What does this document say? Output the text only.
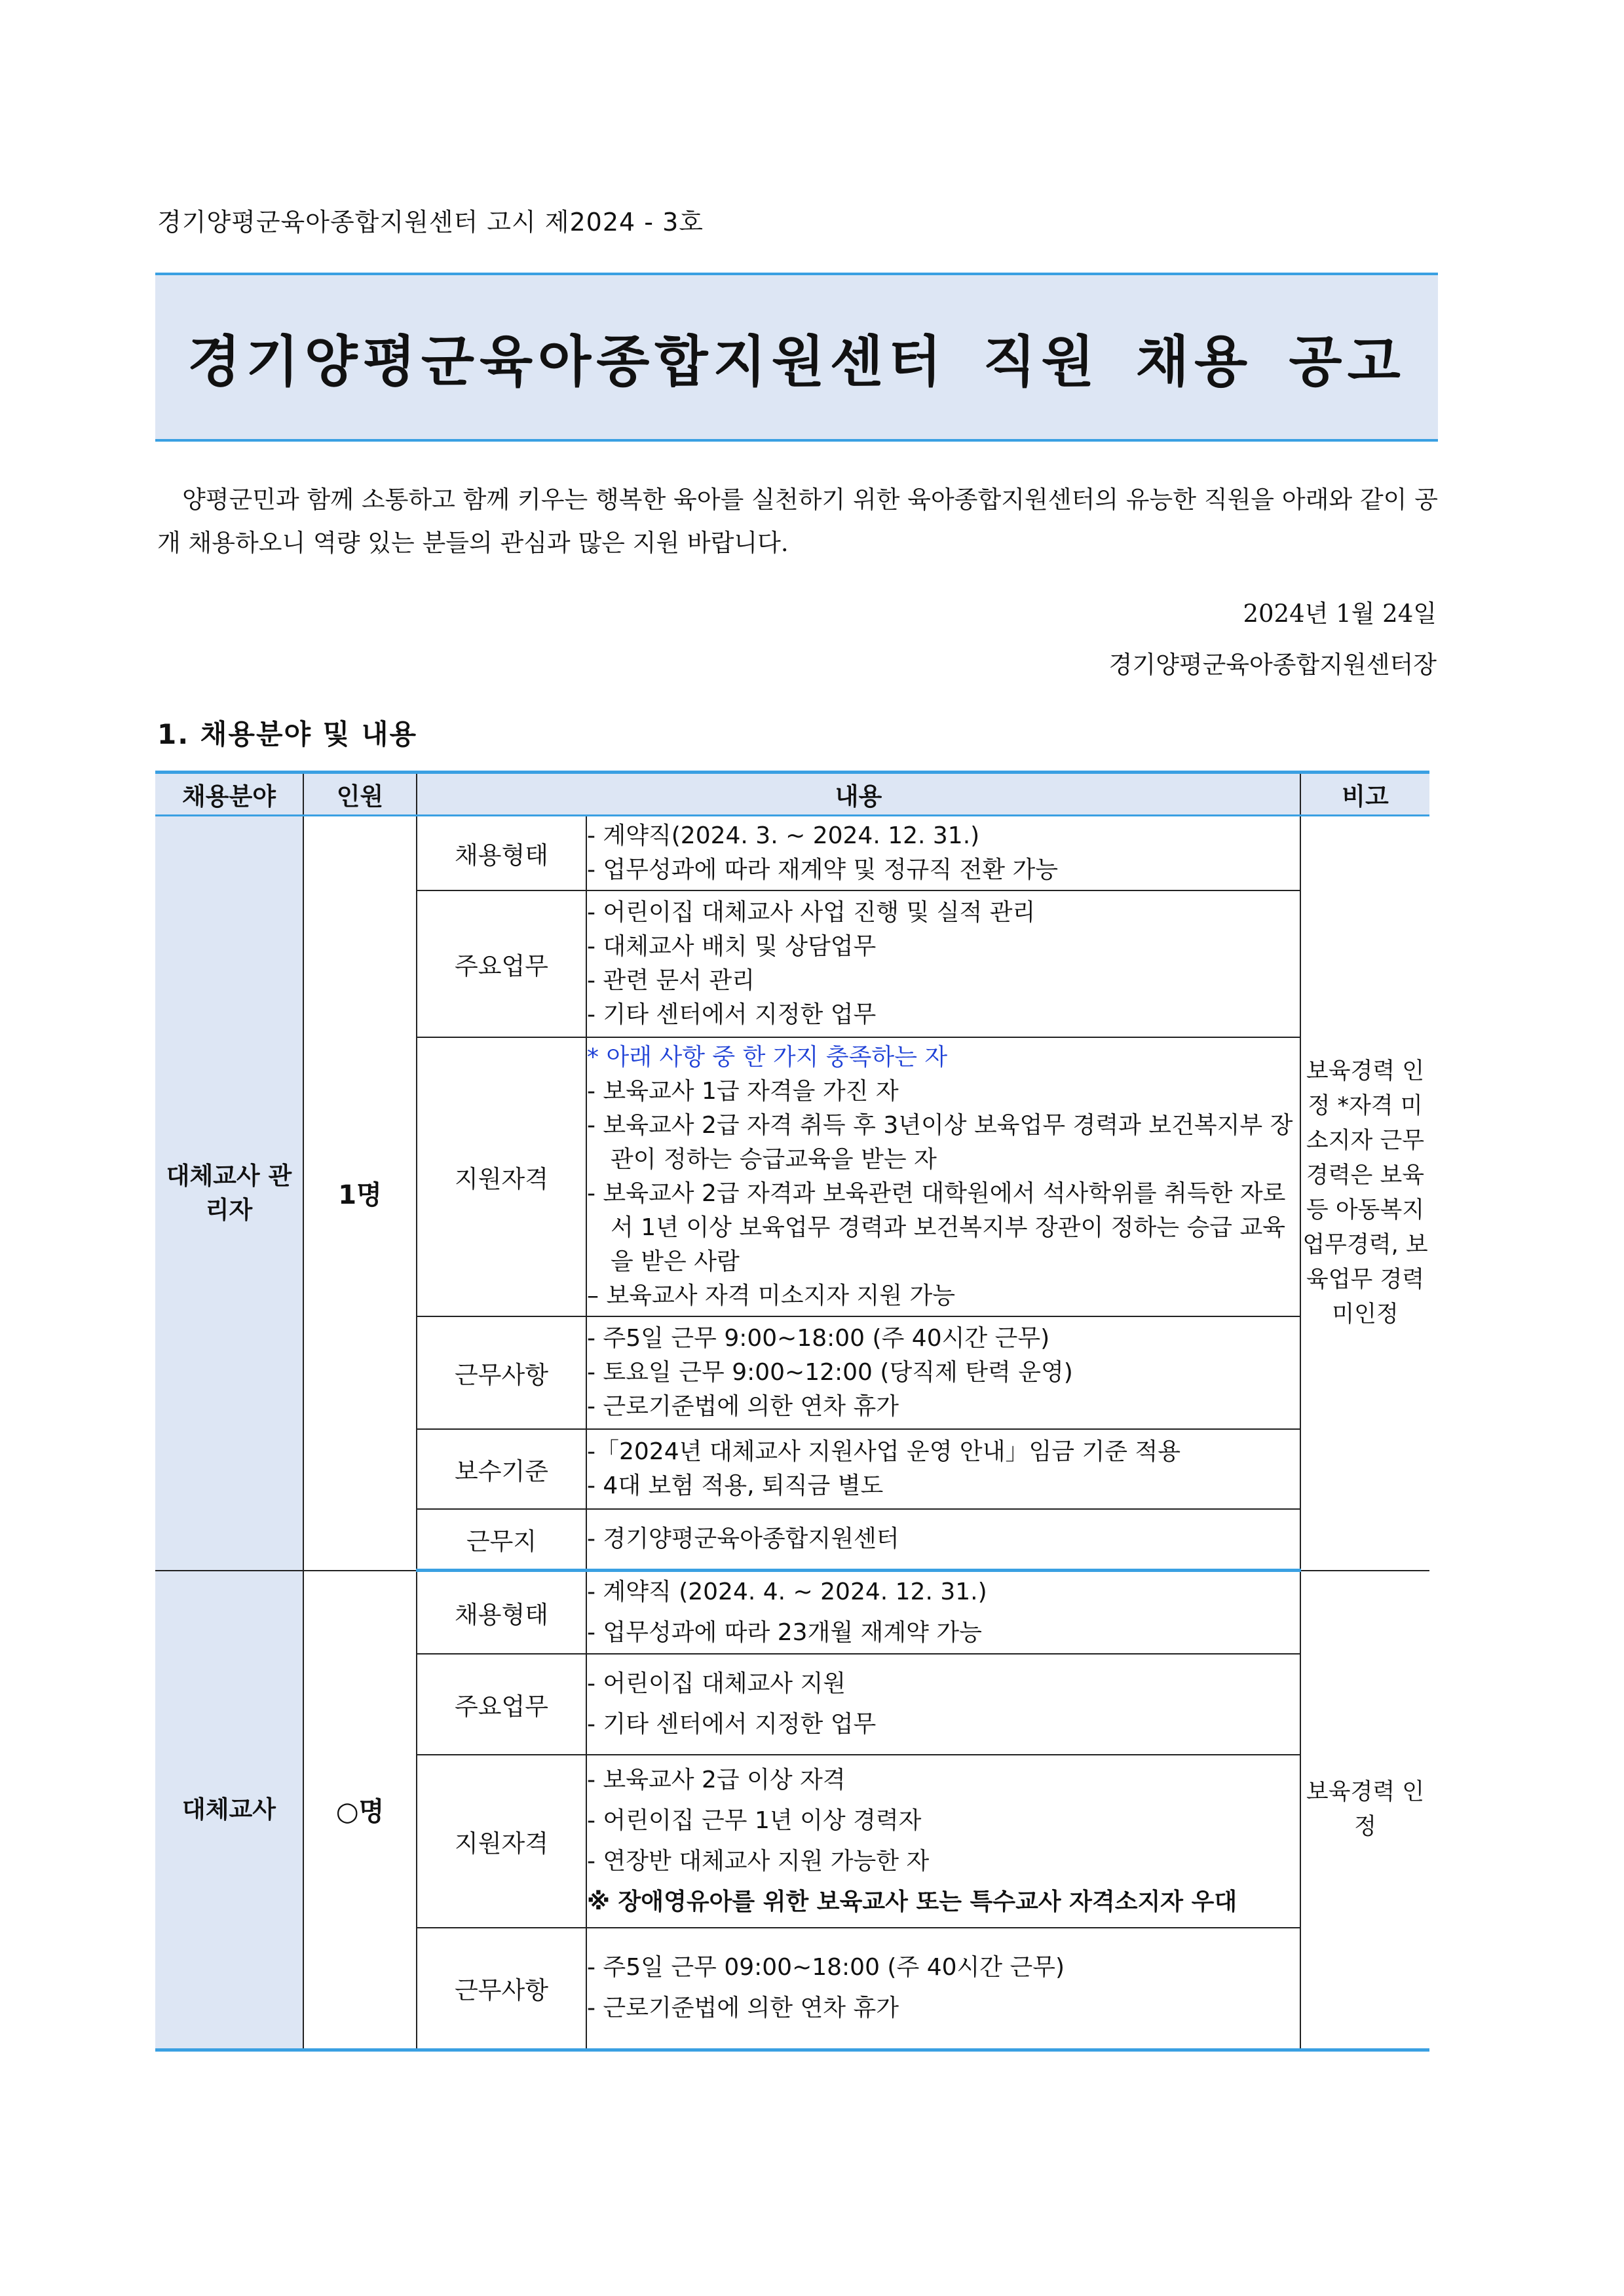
경기양평군육아종합지원센터 고시 제2024 - 3호
경기양평군육아종합지원센터 직원 채용 공고

양평군민과 함께 소통하고 함께 키우는 행복한 육아를 실천하기 위한 육아종합지원센터의 유능한 직원을 아래와 같이 공개 채용하오니 역량 있는 분들의 관심과 많은 지원 바랍니다.

2024년 1월 24일
경기양평군육아종합지원센터장
1. 채용분야 및 내용
채용분야	인원	내용		비고
대체교사 관리자	1명	채용형태	- 계약직(2024. 3. ~ 2024. 12. 31.)
- 업무성과에 따라 재계약 및 정규직 전환 가능	보육경력 인정 *자격 미소지자 근무경력은 보육 등 아동복지 업무경력, 보육업무 경력 미인정
		주요업무	- 어린이집 대체교사 사업 진행 및 실적 관리
- 대체교사 배치 및 상담업무
- 관련 문서 관리
- 기타 센터에서 지정한 업무	

		지원자격	* 아래 사항 중 한 가지 충족하는 자
- 보육교사 1급 자격을 가진 자
- 보육교사 2급 자격 취득 후 3년이상 보육업무 경력과 보건복지부 장관이 정하는 승급교육을 받는 자
- 보육교사 2급 자격과 보육관련 대학원에서 석사학위를 취득한 자로서 1년 이상 보육업무 경력과 보건복지부 장관이 정하는 승급 교육을 받은 사람
– 보육교사 자격 미소지자 지원 가능	

		근무사항	- 주5일 근무 9:00~18:00 (주 40시간 근무)
- 토요일 근무 9:00~12:00 (당직제 탄력 운영)
- 근로기준법에 의한 연차 휴가	

		보수기준	-「2024년 대체교사 지원사업 운영 안내」임금 기준 적용
- 4대 보험 적용, 퇴직금 별도	

		근무지	- 경기양평군육아종합지원센터	

대체교사	○명	채용형태	- 계약직 (2024. 4. ~ 2024. 12. 31.)
- 업무성과에 따라 23개월 재계약 가능	보육경력 인정
		주요업무	- 어린이집 대체교사 지원
- 기타 센터에서 지정한 업무	

		지원자격	- 보육교사 2급 이상 자격
- 어린이집 근무 1년 이상 경력자
- 연장반 대체교사 지원 가능한 자
※ 장애영유아를 위한 보육교사 또는 특수교사 자격소지자 우대	

		근무사항	- 주5일 근무 09:00~18:00 (주 40시간 근무)
- 근로기준법에 의한 연차 휴가	
